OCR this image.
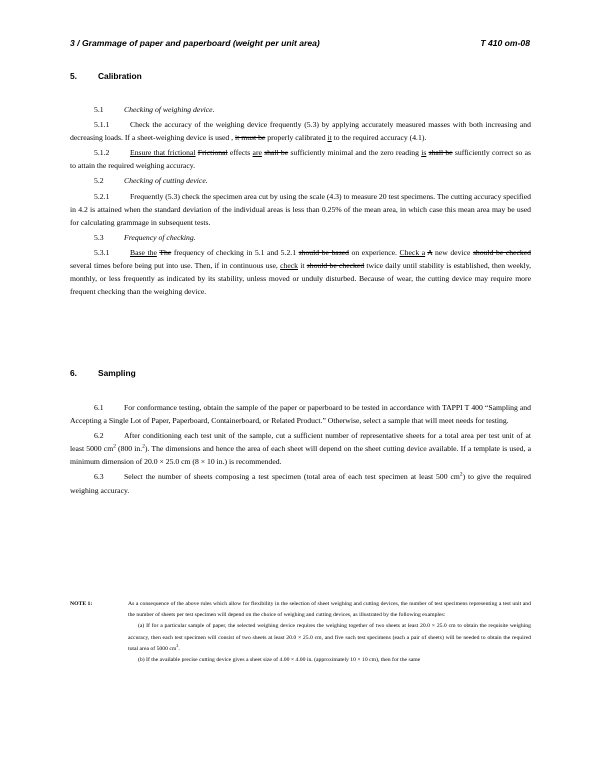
3 / Grammage of paper and paperboard (weight per unit area)	T 410 om-08
5.	Calibration

5.1	Checking of weighing device.

5.1.1	Check the accuracy of the weighing device frequently (5.3) by applying accurately measured masses with both increasing and decreasing loads. If a sheet-weighing device is used , it must be properly calibrated it to the required accuracy (4.1).

5.1.2	Ensure that frictional Frictional effects are shall be sufficiently minimal and the zero reading is shall be sufficiently correct so as to attain the required weighing accuracy.

5.2	Checking of cutting device.

5.2.1	Frequently (5.3) check the specimen area cut by using the scale (4.3) to measure 20 test specimens. The cutting accuracy specified in 4.2 is attained when the standard deviation of the individual areas is less than 0.25% of the mean area, in which case this mean area may be used for calculating grammage in subsequent tests.

5.3	Frequency of checking.

5.3.1	Base the The frequency of checking in 5.1 and 5.2.1 should be based on experience. Check a A new device should be checked several times before being put into use. Then, if in continuous use, check it should be checked twice daily until stability is established, then weekly, monthly, or less frequently as indicated by its stability, unless moved or unduly disturbed. Because of wear, the cutting device may require more frequent checking than the weighing device.

6.	Sampling

6.1	For conformance testing, obtain the sample of the paper or paperboard to be tested in accordance with TAPPI T 400 “Sampling and Accepting a Single Lot of Paper, Paperboard, Containerboard, or Related Product.” Otherwise, select a sample that will meet needs for testing.

6.2	After conditioning each test unit of the sample, cut a sufficient number of representative sheets for a total area per test unit of at least 5000 $cm^2$ (800 in.$^2$). The dimensions and hence the area of each sheet will depend on the sheet cutting device available. If a template is used, a minimum dimension of 20.0 × 25.0 cm (8 × 10 in.) is recommended.

6.3	Select the number of sheets composing a test specimen (total area of each test specimen at least 500 $cm^2$) to give the required weighing accuracy.

NOTE 1:	As a consequence of the above rules which allow for flexibility in the selection of sheet weighing and cutting devices, the number of test specimens representing a test unit and the number of sheets per test specimen will depend on the choice of weighing and cutting devices, as illustrated by the following examples:
(a) If for a particular sample of paper, the selected weighing device requires the weighing together of two sheets at least 20.0 × 25.0 cm to obtain the requisite weighing accuracy, then each test specimen will consist of two sheets at least 20.0 × 25.0 cm, and five such test specimens (each a pair of sheets) will be needed to obtain the required total area of 5000 $cm^2$.
(b) If the available precise cutting device gives a sheet size of 4.00 × 4.00 in. (approximately 10 × 10 cm), then for the same
